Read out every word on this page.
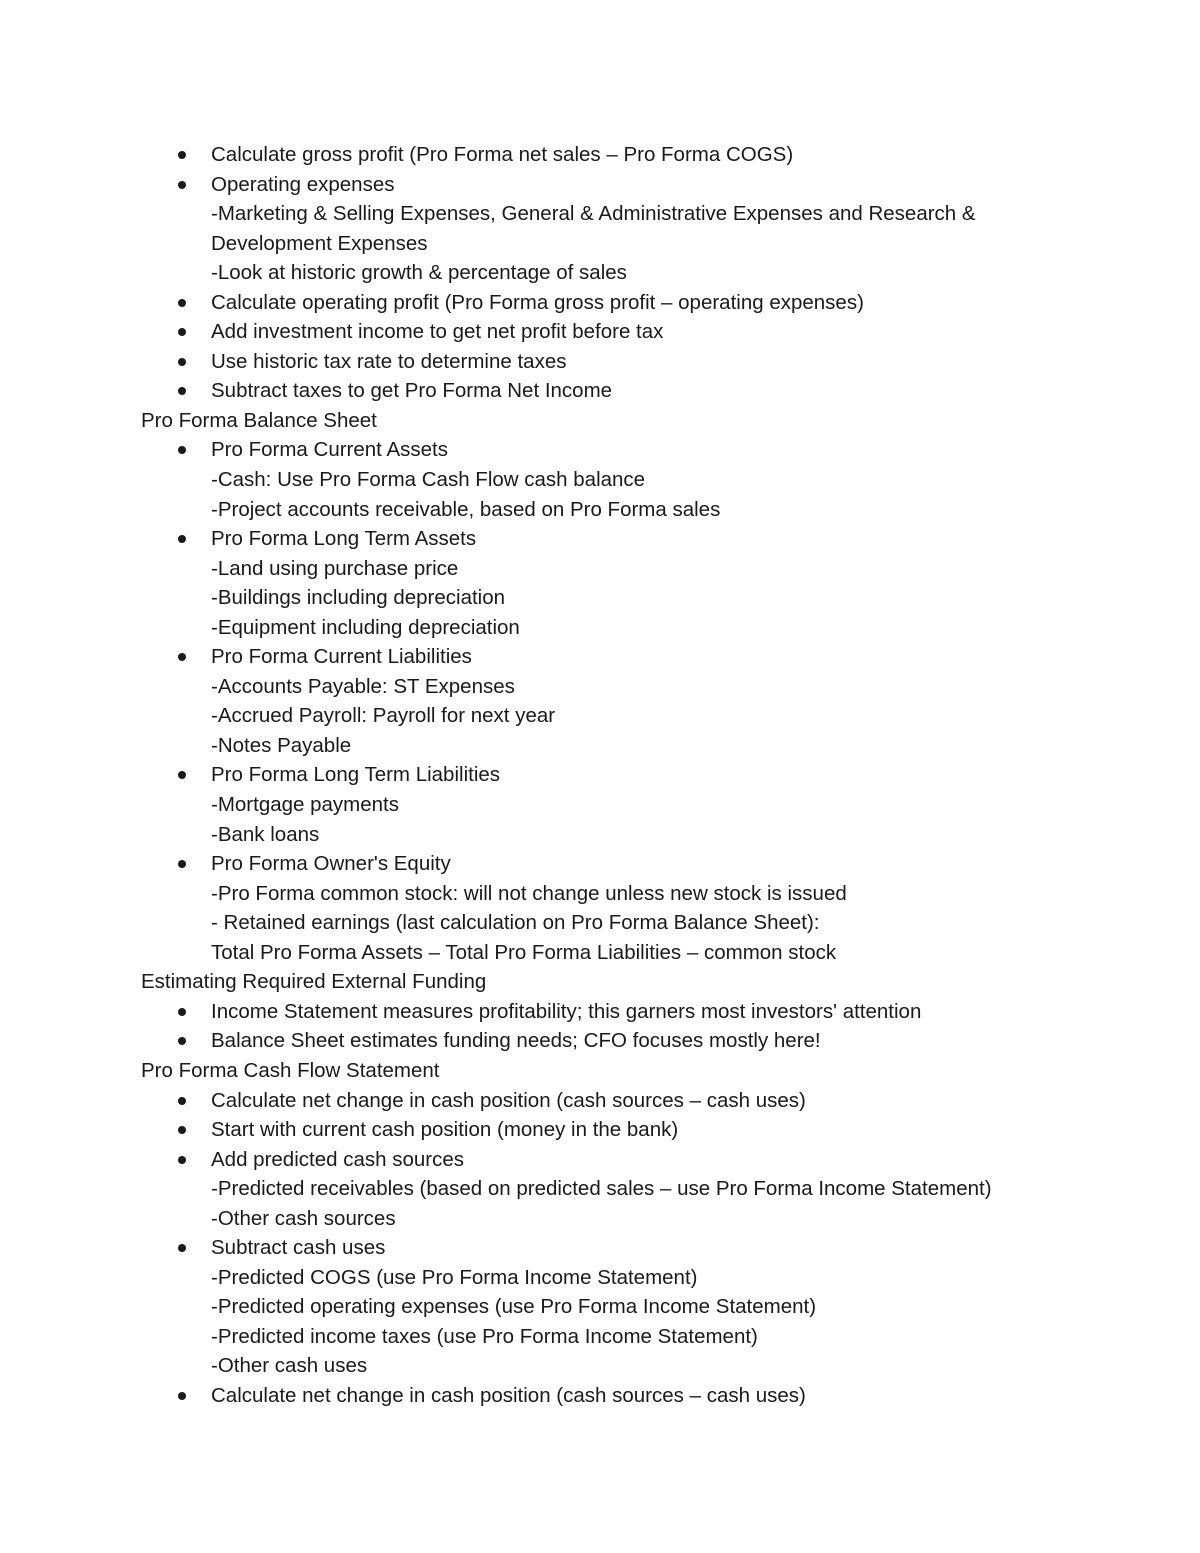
Calculate gross profit (Pro Forma net sales – Pro Forma COGS)
Operating expenses
-Marketing & Selling Expenses, General & Administrative Expenses and Research &
Development Expenses
-Look at historic growth & percentage of sales
Calculate operating profit (Pro Forma gross profit – operating expenses)
Add investment income to get net profit before tax
Use historic tax rate to determine taxes
Subtract taxes to get Pro Forma Net Income
Pro Forma Balance Sheet
Pro Forma Current Assets
-Cash: Use Pro Forma Cash Flow cash balance
-Project accounts receivable, based on Pro Forma sales
Pro Forma Long Term Assets
-Land using purchase price
-Buildings including depreciation
-Equipment including depreciation
Pro Forma Current Liabilities
-Accounts Payable: ST Expenses
-Accrued Payroll: Payroll for next year
-Notes Payable
Pro Forma Long Term Liabilities
-Mortgage payments
-Bank loans
Pro Forma Owner's Equity
-Pro Forma common stock: will not change unless new stock is issued
- Retained earnings (last calculation on Pro Forma Balance Sheet):
Total Pro Forma Assets – Total Pro Forma Liabilities – common stock
Estimating Required External Funding
Income Statement measures profitability; this garners most investors' attention
Balance Sheet estimates funding needs; CFO focuses mostly here!
Pro Forma Cash Flow Statement
Calculate net change in cash position (cash sources – cash uses)
Start with current cash position (money in the bank)
Add predicted cash sources
-Predicted receivables (based on predicted sales – use Pro Forma Income Statement)
-Other cash sources
Subtract cash uses
-Predicted COGS (use Pro Forma Income Statement)
-Predicted operating expenses (use Pro Forma Income Statement)
-Predicted income taxes (use Pro Forma Income Statement)
-Other cash uses
Calculate net change in cash position (cash sources – cash uses)
